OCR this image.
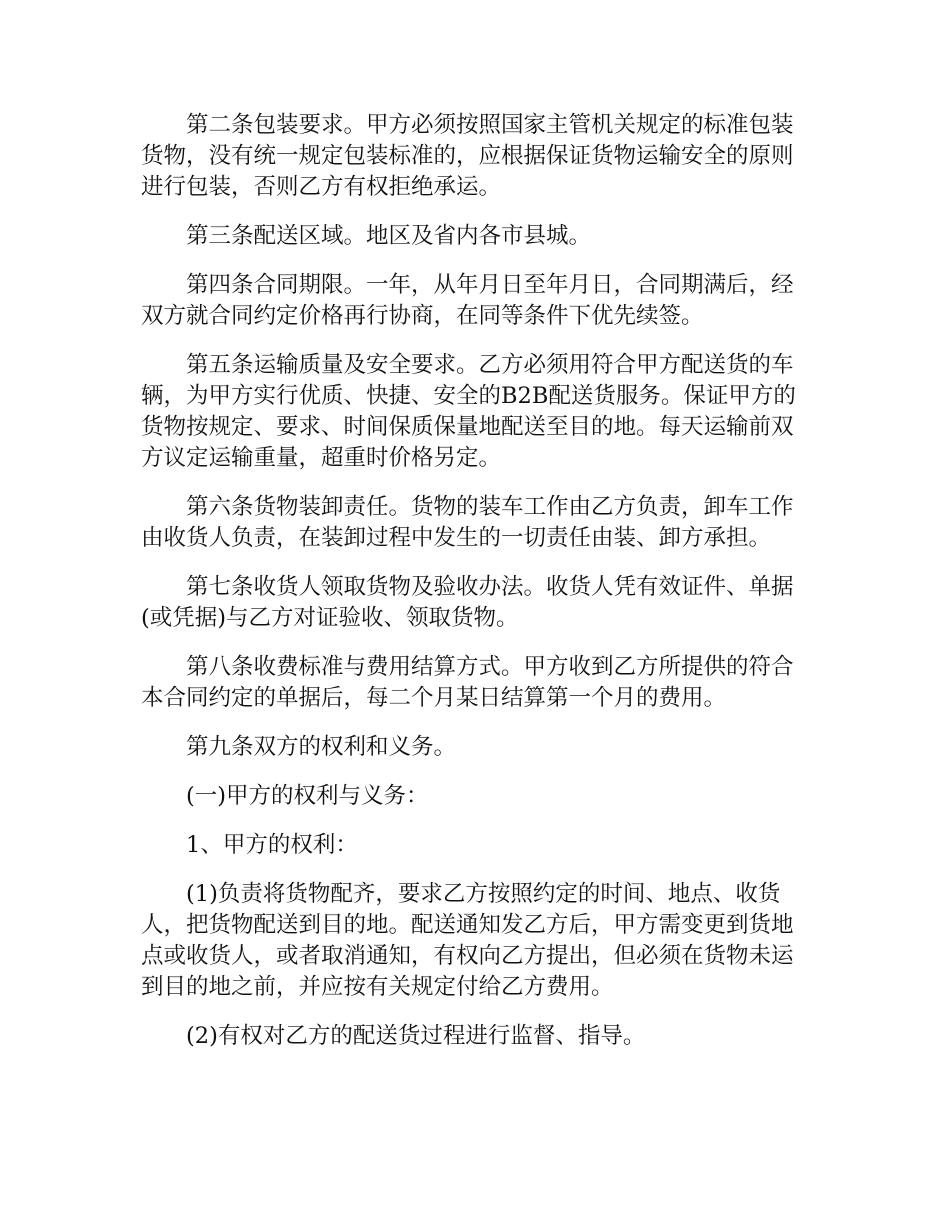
第二条包装要求。甲方必须按照国家主管机关规定的标准包装货物，没有统一规定包装标准的，应根据保证货物运输安全的原则进行包装，否则乙方有权拒绝承运。

第三条配送区域。地区及省内各市县城。

第四条合同期限。一年，从年月日至年月日，合同期满后，经双方就合同约定价格再行协商，在同等条件下优先续签。

第五条运输质量及安全要求。乙方必须用符合甲方配送货的车辆，为甲方实行优质、快捷、安全的B2B配送货服务。保证甲方的货物按规定、要求、时间保质保量地配送至目的地。每天运输前双方议定运输重量，超重时价格另定。

第六条货物装卸责任。货物的装车工作由乙方负责，卸车工作由收货人负责，在装卸过程中发生的一切责任由装、卸方承担。

第七条收货人领取货物及验收办法。收货人凭有效证件、单据(或凭据)与乙方对证验收、领取货物。

第八条收费标准与费用结算方式。甲方收到乙方所提供的符合本合同约定的单据后，每二个月某日结算第一个月的费用。

第九条双方的权利和义务。

(一)甲方的权利与义务：

1、甲方的权利：

(1)负责将货物配齐，要求乙方按照约定的时间、地点、收货人，把货物配送到目的地。配送通知发乙方后，甲方需变更到货地点或收货人，或者取消通知，有权向乙方提出，但必须在货物未运到目的地之前，并应按有关规定付给乙方费用。

(2)有权对乙方的配送货过程进行监督、指导。
